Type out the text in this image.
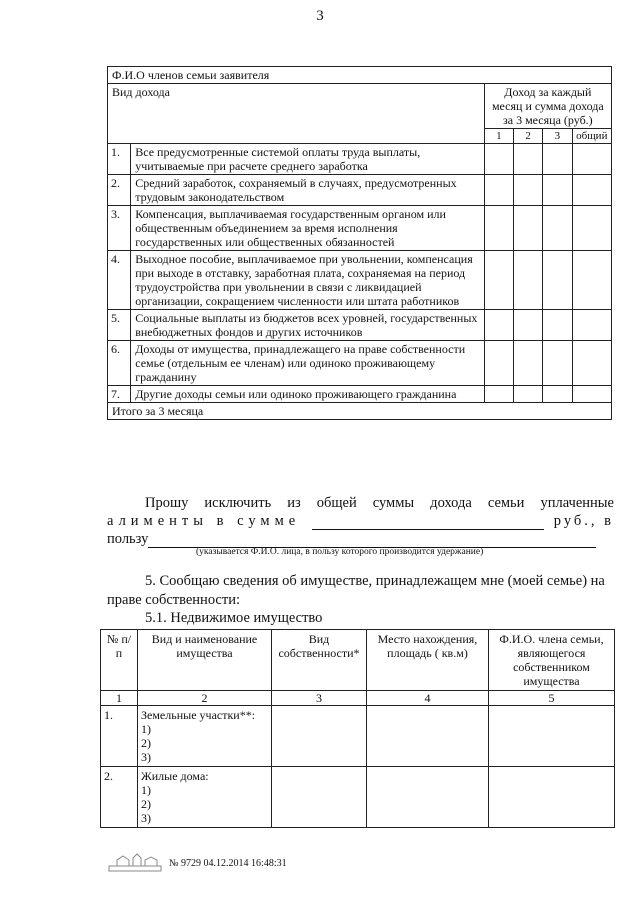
3
Ф.И.О членов семьи заявителя					
Вид дохода		Доход за каждый месяц и сумма дохода за 3 месяца (руб.)			
		1	2	3	общий
1.	Все предусмотренные системой оплаты труда выплаты, учитываемые при расчете среднего заработка				
2.	Средний заработок, сохраняемый в случаях, предусмотренных трудовым законодательством				
3.	Компенсация, выплачиваемая государственным органом или общественным объединением за время исполнения государственных или общественных обязанностей				
4.	Выходное пособие, выплачиваемое при увольнении, компенсация при выходе в отставку, заработная плата, сохраняемая на период трудоустройства при увольнении в связи с ликвидацией организации, сокращением численности или штата работников				
5.	Социальные выплаты из бюджетов всех уровней, государственных внебюджетных фондов и других источников				
6.	Доходы от имущества, принадлежащего на праве собственности семье (отдельным ее членам) или одиноко проживающему гражданину				
7.	Другие доходы семьи или одиноко проживающего гражданина				
Итого за 3 месяца					
Прошу исключить из общей суммы дохода семьи уплаченные
алименты в сумме	руб., в
пользу
(указывается Ф.И.О. лица, в пользу которого производится удержание)
5. Сообщаю сведения об имуществе, принадлежащем мне (моей семье) на праве собственности:
5.1. Недвижимое имущество
№ п/п	Вид и наименование имущества	Вид собственности*	Место нахождения, площадь ( кв.м)	Ф.И.О. члена семьи, являющегося собственником имущества
1	2	3	4	5
1.	Земельные участки**:
1)
2)
3)			

2.	Жилые дома:
1)
2)
3)			

№ 9729 04.12.2014 16:48:31
